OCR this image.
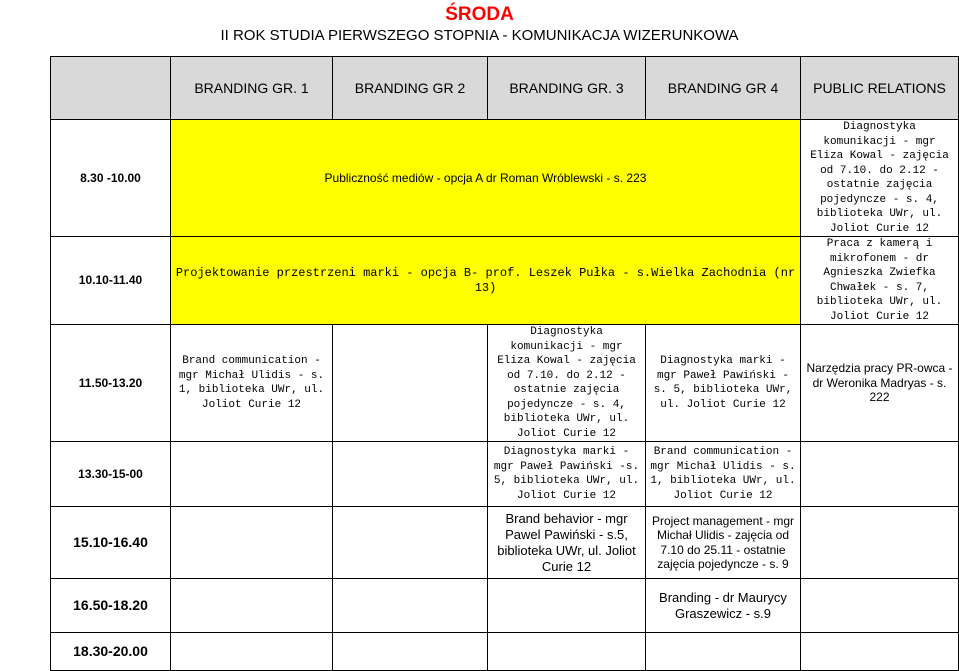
ŚRODA
II ROK STUDIA PIERWSZEGO STOPNIA - KOMUNIKACJA WIZERUNKOWA
	BRANDING GR. 1	BRANDING GR 2	BRANDING GR. 3	BRANDING GR 4	PUBLIC RELATIONS
8.30 -10.00	Publiczność mediów - opcja A dr Roman Wróblewski - s. 223				Diagnostyka komunikacji - mgr Eliza Kowal - zajęcia od 7.10. do 2.12 - ostatnie zajęcia pojedyncze - s. 4, biblioteka UWr, ul. Joliot Curie 12
10.10-11.40	Projektowanie przestrzeni marki - opcja B- prof. Leszek Pułka - s.Wielka Zachodnia (nr 13)				Praca z kamerą i mikrofonem - dr Agnieszka Zwiefka Chwałek - s. 7, biblioteka UWr, ul. Joliot Curie 12
11.50-13.20	Brand communication - mgr Michał Ulidis - s. 1, biblioteka UWr, ul. Joliot Curie 12		Diagnostyka komunikacji - mgr Eliza Kowal - zajęcia od 7.10. do 2.12 - ostatnie zajęcia pojedyncze - s. 4, biblioteka UWr, ul. Joliot Curie 12	Diagnostyka marki - mgr Paweł Pawiński - s. 5, biblioteka UWr, ul. Joliot Curie 12	Narzędzia pracy PR-owca - dr Weronika Madryas - s. 222
13.30-15-00			Diagnostyka marki - mgr Paweł Pawiński -s. 5, biblioteka UWr, ul. Joliot Curie 12	Brand communication - mgr Michał Ulidis - s. 1, biblioteka UWr, ul. Joliot Curie 12	
15.10-16.40			Brand behavior - mgr Pawel Pawiński - s.5, biblioteka UWr, ul. Joliot Curie 12	Project management - mgr Michał Ulidis - zajęcia od 7.10 do 25.11 - ostatnie zajęcia pojedyncze - s. 9	
16.50-18.20				Branding - dr Maurycy Graszewicz - s.9	
18.30-20.00					
